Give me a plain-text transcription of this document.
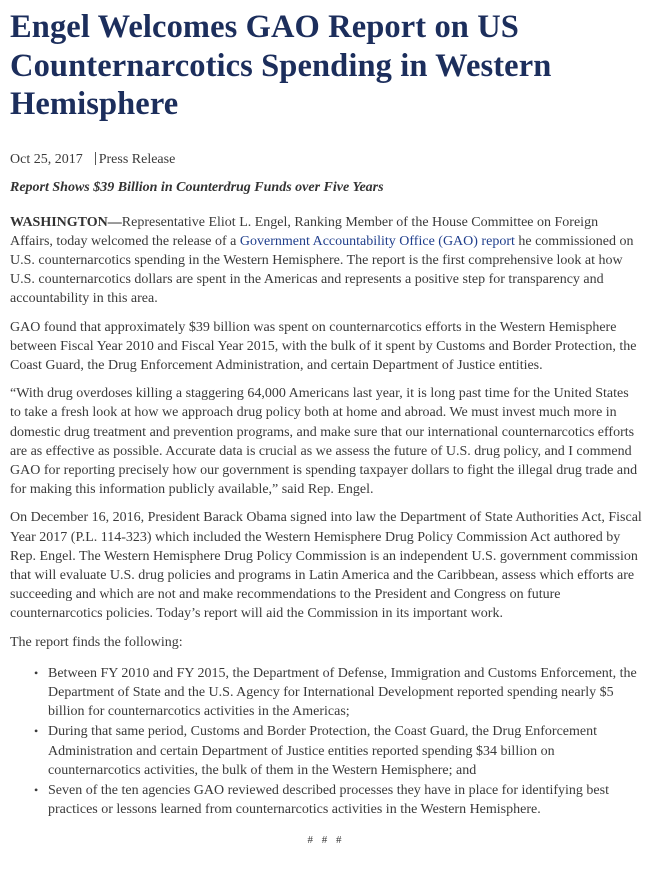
Engel Welcomes GAO Report on US Counternarcotics Spending in Western Hemisphere
Oct 25, 2017 Press Release
Report Shows $39 Billion in Counterdrug Funds over Five Years

WASHINGTON—Representative Eliot L. Engel, Ranking Member of the House Committee on Foreign Affairs, today welcomed the release of a Government Accountability Office (GAO) report he commissioned on U.S. counternarcotics spending in the Western Hemisphere. The report is the first comprehensive look at how U.S. counternarcotics dollars are spent in the Americas and represents a positive step for transparency and accountability in this area.

GAO found that approximately $39 billion was spent on counternarcotics efforts in the Western Hemisphere between Fiscal Year 2010 and Fiscal Year 2015, with the bulk of it spent by Customs and Border Protection, the Coast Guard, the Drug Enforcement Administration, and certain Department of Justice entities.

“With drug overdoses killing a staggering 64,000 Americans last year, it is long past time for the United States to take a fresh look at how we approach drug policy both at home and abroad. We must invest much more in domestic drug treatment and prevention programs, and make sure that our international counternarcotics efforts are as effective as possible. Accurate data is crucial as we assess the future of U.S. drug policy, and I commend GAO for reporting precisely how our government is spending taxpayer dollars to fight the illegal drug trade and for making this information publicly available,” said Rep. Engel.

On December 16, 2016, President Barack Obama signed into law the Department of State Authorities Act, Fiscal Year 2017 (P.L. 114-323) which included the Western Hemisphere Drug Policy Commission Act authored by Rep. Engel. The Western Hemisphere Drug Policy Commission is an independent U.S. government commission that will evaluate U.S. drug policies and programs in Latin America and the Caribbean, assess which efforts are succeeding and which are not and make recommendations to the President and Congress on future counternarcotics policies. Today’s report will aid the Commission in its important work.

The report finds the following:

• Between FY 2010 and FY 2015, the Department of Defense, Immigration and Customs Enforcement, the Department of State and the U.S. Agency for International Development reported spending nearly $5 billion for counternarcotics activities in the Americas;
• During that same period, Customs and Border Protection, the Coast Guard, the Drug Enforcement Administration and certain Department of Justice entities reported spending $34 billion on counternarcotics activities, the bulk of them in the Western Hemisphere; and
• Seven of the ten agencies GAO reviewed described processes they have in place for identifying best practices or lessons learned from counternarcotics activities in the Western Hemisphere.
# # #
